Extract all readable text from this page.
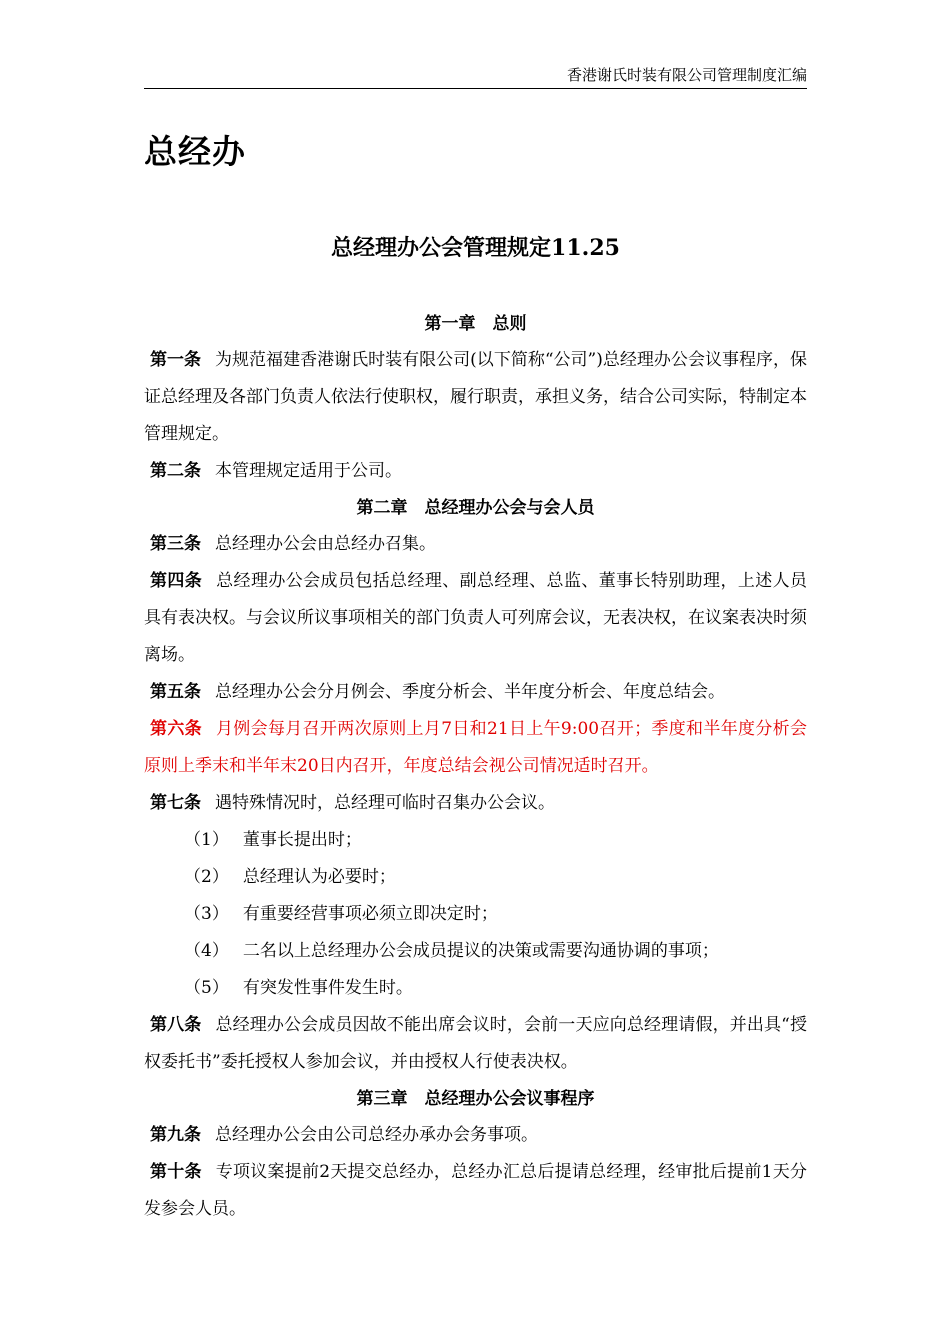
香港谢氏时装有限公司管理制度汇编
总经办
总经理办公会管理规定11.25
第一章　总则
第一条 为规范福建香港谢氏时装有限公司(以下简称“公司”)总经理办公会议事程序，保证总经理及各部门负责人依法行使职权，履行职责，承担义务，结合公司实际，特制定本管理规定。
第二条 本管理规定适用于公司。
第二章　总经理办公会与会人员
第三条 总经理办公会由总经办召集。
第四条 总经理办公会成员包括总经理、副总经理、总监、董事长特别助理，上述人员具有表决权。与会议所议事项相关的部门负责人可列席会议，无表决权，在议案表决时须离场。
第五条 总经理办公会分月例会、季度分析会、半年度分析会、年度总结会。
第六条 月例会每月召开两次原则上月7日和21日上午9:00召开；季度和半年度分析会原则上季末和半年末20日内召开，年度总结会视公司情况适时召开。
第七条 遇特殊情况时，总经理可临时召集办公会议。
（1） 董事长提出时；
（2） 总经理认为必要时；
（3） 有重要经营事项必须立即决定时；
（4） 二名以上总经理办公会成员提议的决策或需要沟通协调的事项；
（5） 有突发性事件发生时。
第八条 总经理办公会成员因故不能出席会议时，会前一天应向总经理请假，并出具“授权委托书”委托授权人参加会议，并由授权人行使表决权。
第三章　总经理办公会议事程序
第九条 总经理办公会由公司总经办承办会务事项。
第十条 专项议案提前2天提交总经办，总经办汇总后提请总经理，经审批后提前1天分发参会人员。
